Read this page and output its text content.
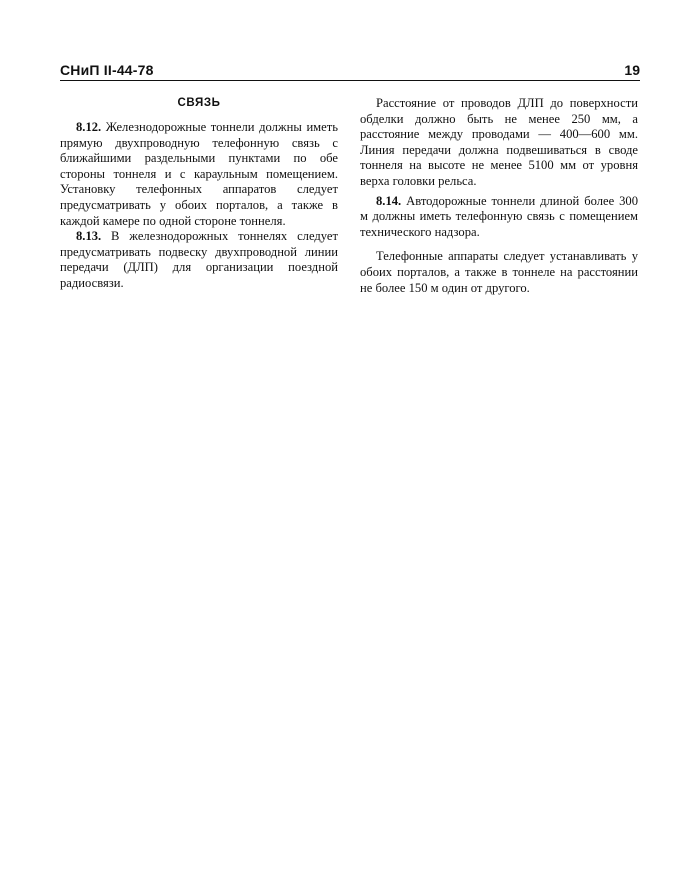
СНиП II-44-78	19
СВЯЗЬ

8.12. Железнодорожные тоннели должны иметь прямую двухпроводную телефонную связь с ближайшими раздельными пунктами по обе стороны тоннеля и с караульным помещением. Установку телефонных аппаратов следует предусматривать у обоих порталов, а также в каждой камере по одной стороне тоннеля.

8.13. В железнодорожных тоннелях следует предусматривать подвеску двухпроводной линии передачи (ДЛП) для организации поездной радиосвязи.

Расстояние от проводов ДЛП до поверхности обделки должно быть не менее 250 мм, а расстояние между проводами — 400—600 мм. Линия передачи должна подвешиваться в своде тоннеля на высоте не менее 5100 мм от уровня верха головки рельса.

8.14. Автодорожные тоннели длиной более 300 м должны иметь телефонную связь с помещением технического надзора.

Телефонные аппараты следует устанавливать у обоих порталов, а также в тоннеле на расстоянии не более 150 м один от другого.
